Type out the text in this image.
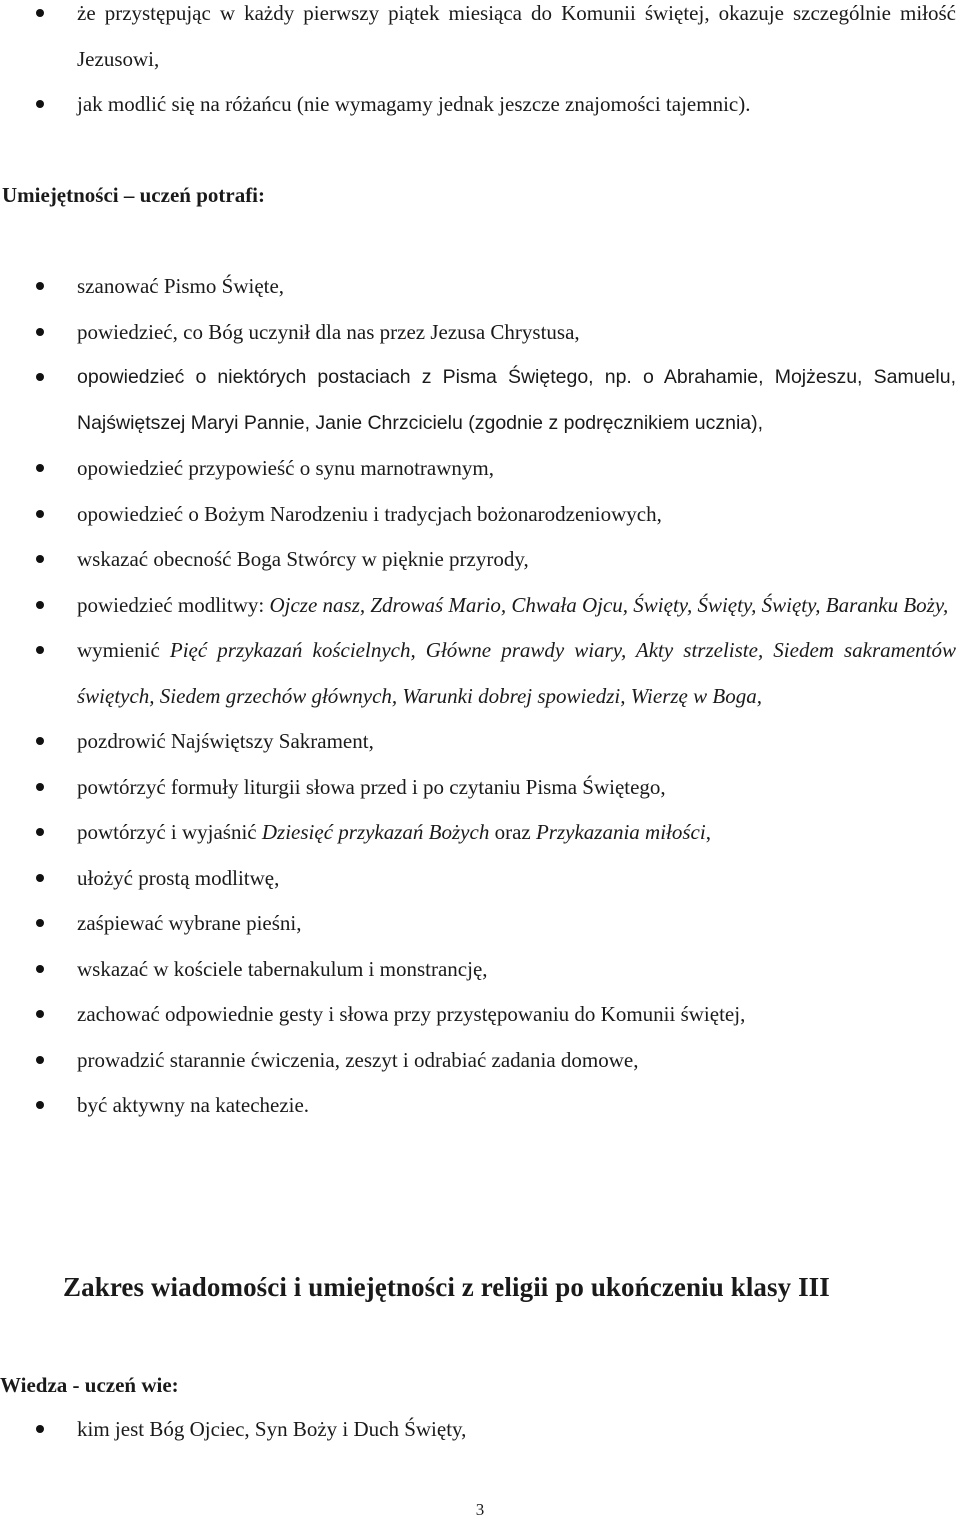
że przystępując w każdy pierwszy piątek miesiąca do Komunii świętej, okazuje szczególnie miłość Jezusowi,
jak modlić się na różańcu (nie wymagamy jednak jeszcze znajomości tajemnic).
Umiejętności – uczeń potrafi:
szanować Pismo Święte,
powiedzieć, co Bóg uczynił dla nas przez Jezusa Chrystusa,
opowiedzieć o niektórych postaciach z Pisma Świętego, np. o Abrahamie, Mojżeszu, Samuelu, Najświętszej Maryi Pannie, Janie Chrzcicielu (zgodnie z podręcznikiem ucznia),
opowiedzieć przypowieść o synu marnotrawnym,
opowiedzieć o Bożym Narodzeniu i tradycjach bożonarodzeniowych,
wskazać obecność Boga Stwórcy w pięknie przyrody,
powiedzieć modlitwy: Ojcze nasz, Zdrowaś Mario, Chwała Ojcu, Święty, Święty, Święty, Baranku Boży,
wymienić Pięć przykazań kościelnych, Główne prawdy wiary, Akty strzeliste, Siedem sakramentów świętych, Siedem grzechów głównych, Warunki dobrej spowiedzi, Wierzę w Boga,
pozdrowić Najświętszy Sakrament,
powtórzyć formuły liturgii słowa przed i po czytaniu Pisma Świętego,
powtórzyć i wyjaśnić Dziesięć przykazań Bożych oraz Przykazania miłości,
ułożyć prostą modlitwę,
zaśpiewać wybrane pieśni,
wskazać w kościele tabernakulum i monstrancję,
zachować odpowiednie gesty i słowa przy przystępowaniu do Komunii świętej,
prowadzić starannie ćwiczenia, zeszyt i odrabiać zadania domowe,
być aktywny na katechezie.
Zakres wiadomości i umiejętności z religii po ukończeniu klasy III
Wiedza - uczeń wie:
kim jest Bóg Ojciec, Syn Boży i Duch Święty,
3
